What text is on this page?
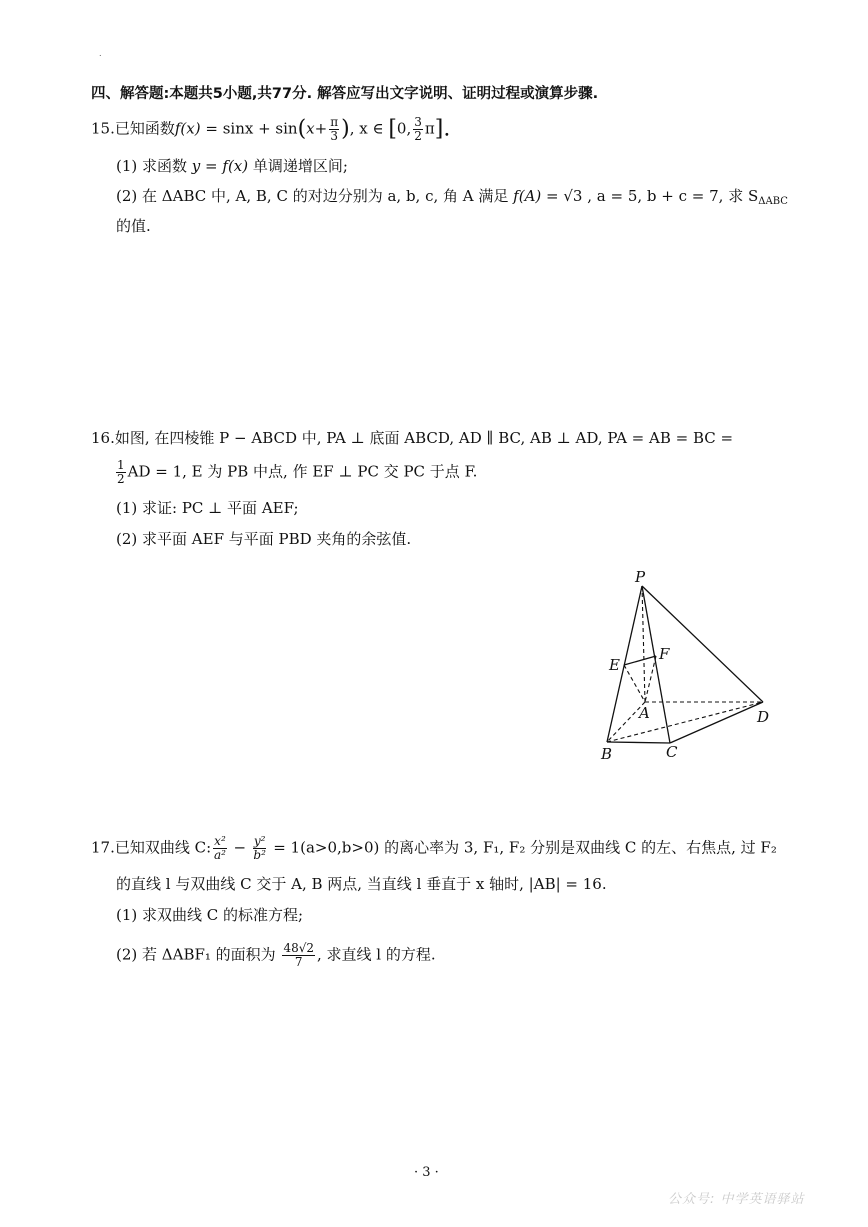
.
四、解答题:本题共5小题,共77分. 解答应写出文字说明、证明过程或演算步骤.
15.已知函数$f(x) = \sin x + \sin(x+ \frac{\pi}{3}$ ), x ∈ [0, $\frac{3}{2} \pi$].
(1) 求函数 y = f(x) 单调递增区间;
(2) 在 ΔABC 中, A, B, C 的对边分别为 a, b, c, 角 A 满足 f(A) = √3 , a = 5, b + c = 7, 求 $S_{\Delta ABC}$
的值.
16.如图, 在四棱锥 P − ABCD 中, PA ⊥ 底面 ABCD, AD ∥ BC, AB ⊥ AD, PA = AB = BC =
$\frac{1}{2}$ AD = 1, E 为 PB 中点, 作 EF ⊥ PC 交 PC 于点 F.
(1) 求证: PC ⊥ 平面 AEF;
(2) 求平面 AEF 与平面 PBD 夹角的余弦值.
P
E
F
A	D
B	C
17.已知双曲线 C: $\frac{\text{x²}}{\text{a²}} - \frac{\text{y²}}{\text{b²}} = 1(a>0,b>0)$ 的离心率为 3, F₁, F₂ 分别是双曲线 C 的左、右焦点, 过 F₂
的直线 l 与双曲线 C 交于 A, B 两点, 当直线 l 垂直于 x 轴时, |AB| = 16.
(1) 求双曲线 C 的标准方程;
(2) 若 ΔABF₁ 的面积为 $\frac{48√2}{7}$ , 求直线 l 的方程.
· 3 ·
公众号: 中学英语驿站
